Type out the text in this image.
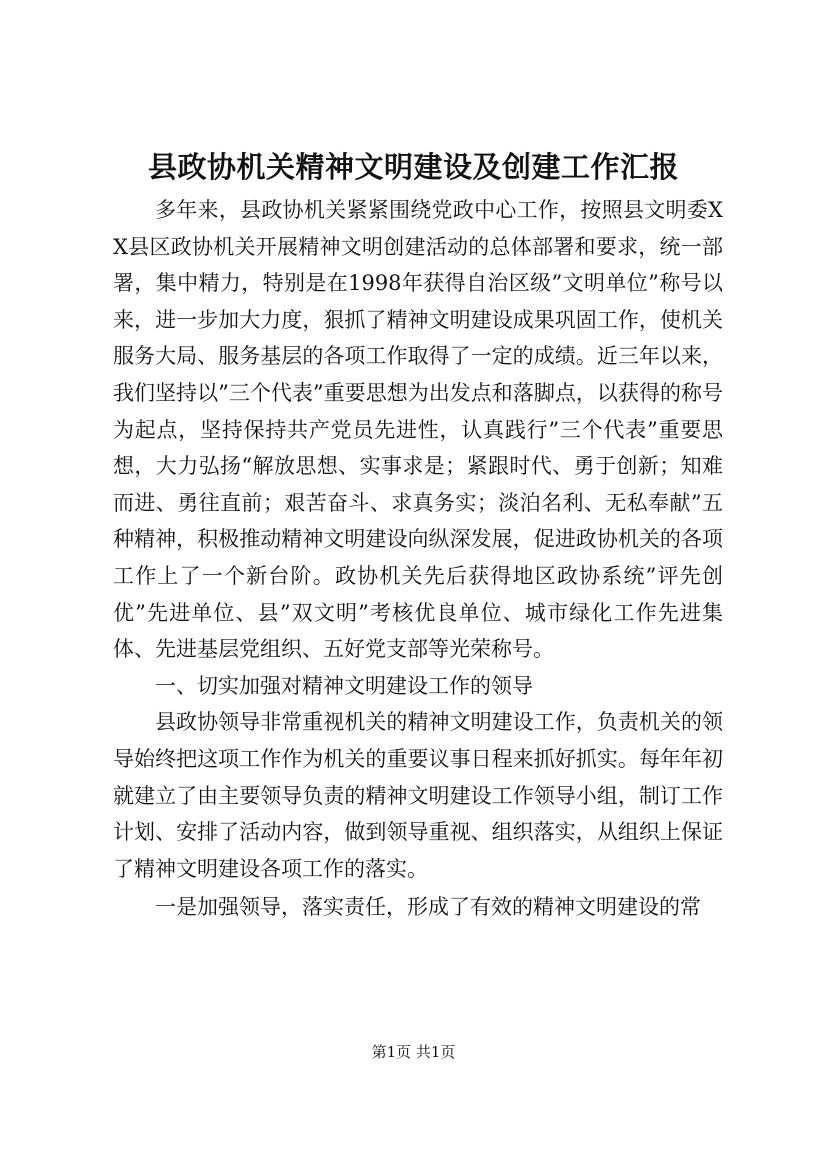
县政协机关精神文明建设及创建工作汇报

多年来，县政协机关紧紧围绕党政中心工作，按照县文明委XX县区政协机关开展精神文明创建活动的总体部署和要求，统一部署，集中精力，特别是在1998年获得自治区级”文明单位”称号以来，进一步加大力度，狠抓了精神文明建设成果巩固工作，使机关服务大局、服务基层的各项工作取得了一定的成绩。近三年以来，我们坚持以”三个代表”重要思想为出发点和落脚点，以获得的称号为起点，坚持保持共产党员先进性，认真践行”三个代表”重要思想，大力弘扬“解放思想、实事求是；紧跟时代、勇于创新；知难而进、勇往直前；艰苦奋斗、求真务实；淡泊名利、无私奉献”五种精神，积极推动精神文明建设向纵深发展，促进政协机关的各项工作上了一个新台阶。政协机关先后获得地区政协系统”评先创优”先进单位、县”双文明”考核优良单位、城市绿化工作先进集体、先进基层党组织、五好党支部等光荣称号。

一、切实加强对精神文明建设工作的领导

县政协领导非常重视机关的精神文明建设工作，负责机关的领导始终把这项工作作为机关的重要议事日程来抓好抓实。每年年初就建立了由主要领导负责的精神文明建设工作领导小组，制订工作计划、安排了活动内容，做到领导重视、组织落实，从组织上保证了精神文明建设各项工作的落实。

一是加强领导，落实责任，形成了有效的精神文明建设的常

第1页 共1页
